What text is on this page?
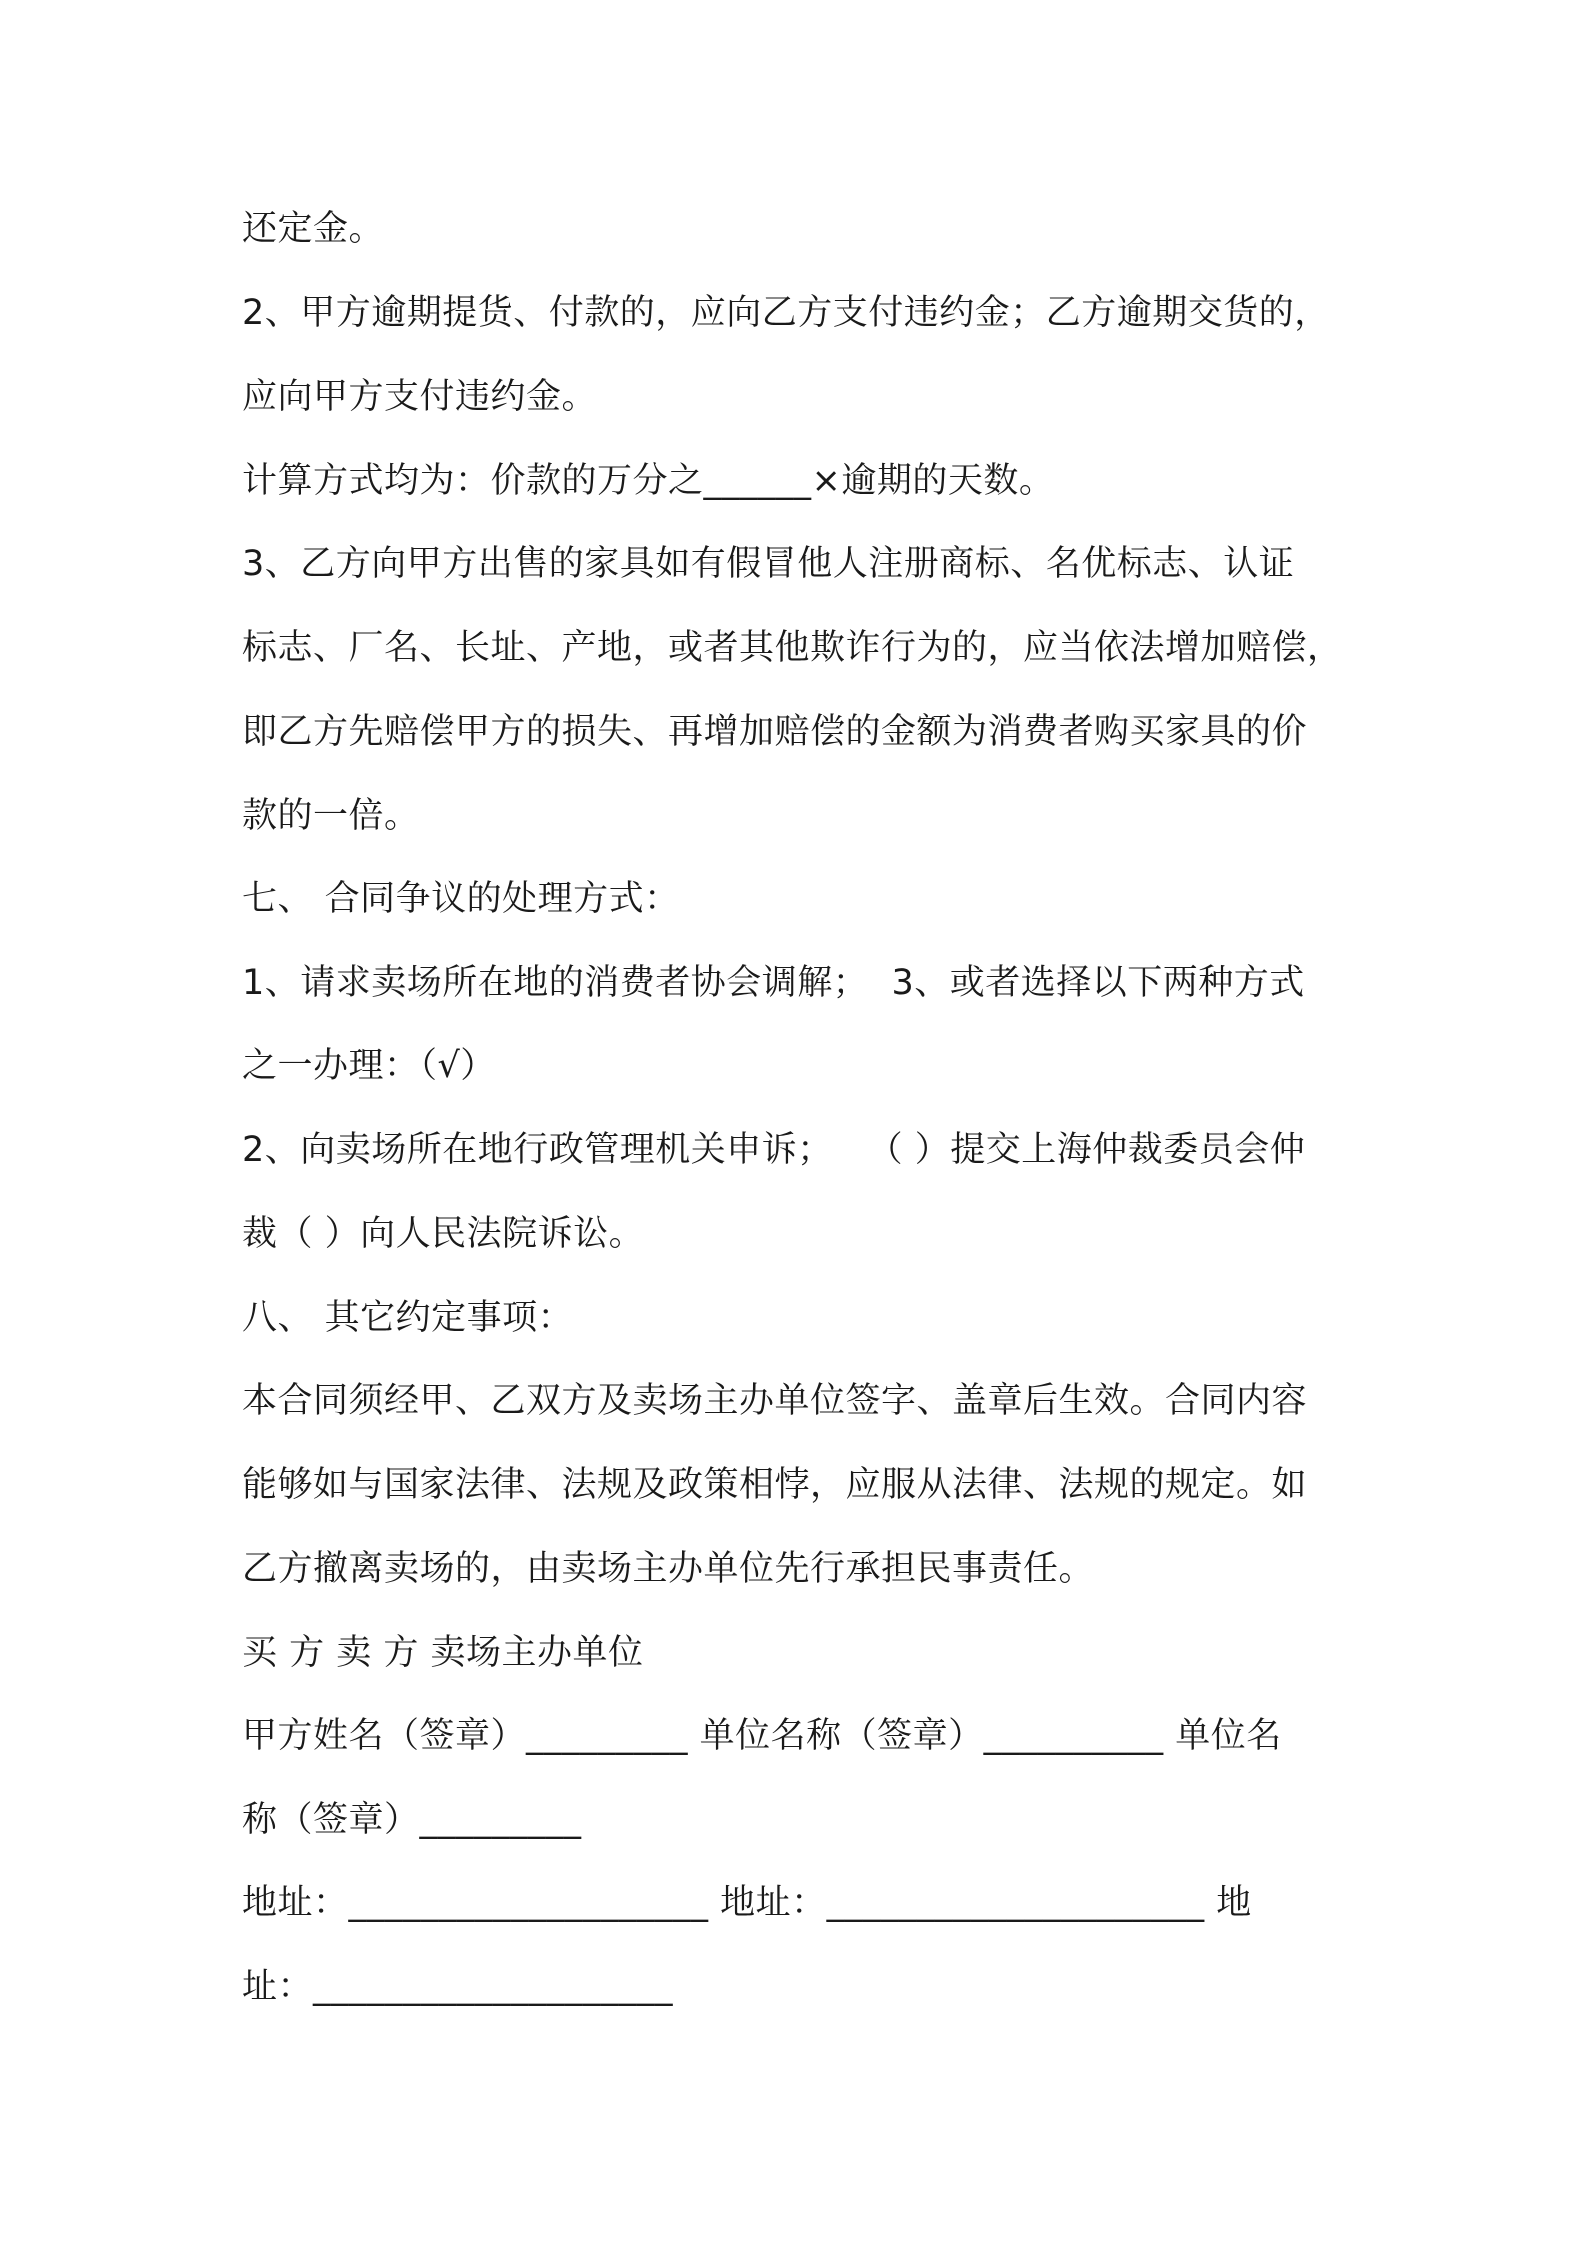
还定金。
2、甲方逾期提货、付款的，应向乙方支付违约金；乙方逾期交货的，
应向甲方支付违约金。
计算方式均为：价款的万分之______×逾期的天数。
3、乙方向甲方出售的家具如有假冒他人注册商标、名优标志、认证
标志、厂名、长址、产地，或者其他欺诈行为的，应当依法增加赔偿，
即乙方先赔偿甲方的损失、再增加赔偿的金额为消费者购买家具的价
款的一倍。
七、 合同争议的处理方式：
1、请求卖场所在地的消费者协会调解；  3、或者选择以下两种方式
之一办理：（√）
2、向卖场所在地行政管理机关申诉；   （ ）提交上海仲裁委员会仲
裁（ ）向人民法院诉讼。
八、 其它约定事项：
本合同须经甲、乙双方及卖场主办单位签字、盖章后生效。合同内容
能够如与国家法律、法规及政策相悖，应服从法律、法规的规定。如
乙方撤离卖场的，由卖场主办单位先行承担民事责任。
买 方 卖 方 卖场主办单位
甲方姓名（签章）_________ 单位名称（签章）__________ 单位名
称（签章）_________
地址：____________________ 地址：_____________________ 地
址：____________________
